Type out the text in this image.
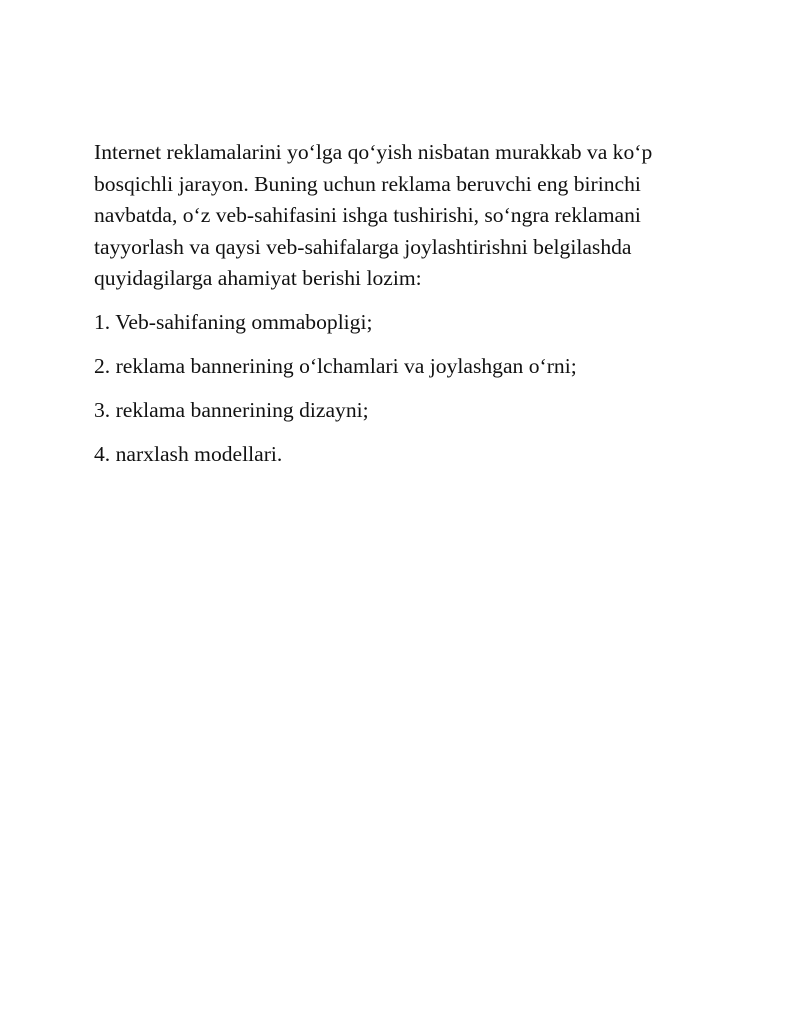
Internet reklamalarini yo‘lga qo‘yish nisbatan murakkab va ko‘p
bosqichli jarayon. Buning uchun reklama beruvchi eng birinchi
navbatda, o‘z veb-sahifasini ishga tushirishi, so‘ngra reklamani
tayyorlash va qaysi veb-sahifalarga joylashtirishni belgilashda
quyidagilarga ahamiyat berishi lozim:

1. Veb-sahifaning ommabopligi;

2. reklama bannerining o‘lchamlari va joylashgan o‘rni;

3. reklama bannerining dizayni;

4. narxlash modellari.
